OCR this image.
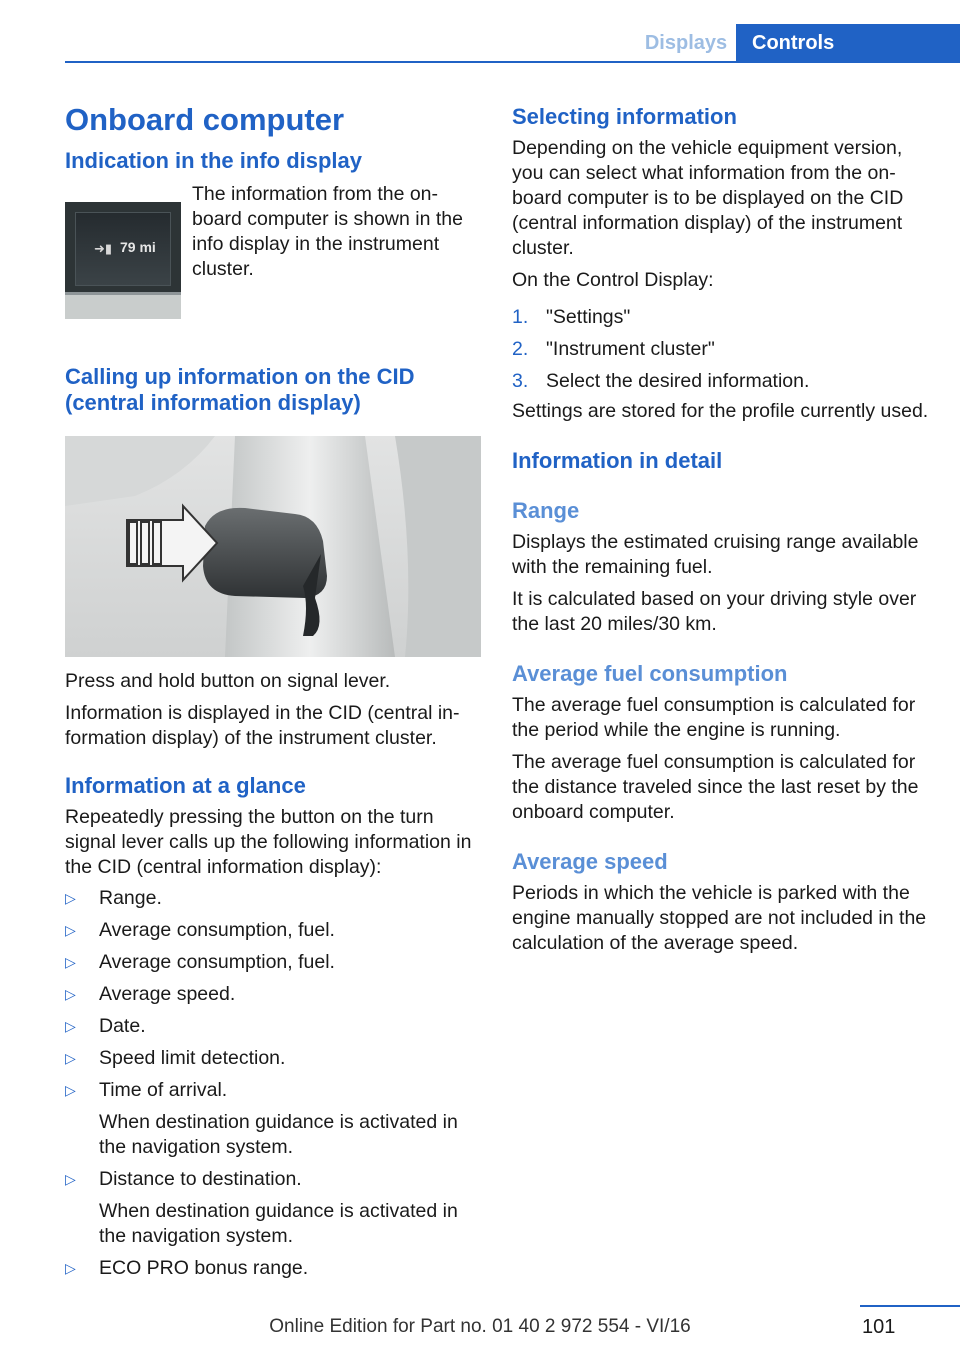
Displays	Controls
Onboard computer
Indication in the info display
➜▮ 79 mi

The information from the on-board computer is shown in the info display in the instrument cluster.

Calling up information on the CID (central information display)

Press and hold button on signal lever.

Information is displayed in the CID (central in-formation display) of the instrument cluster.

Information at a glance

Repeatedly pressing the button on the turn signal lever calls up the following information in the CID (central information display):

▷ Range.
▷ Average consumption, fuel.
▷ Average consumption, fuel.
▷ Average speed.
▷ Date.
▷ Speed limit detection.
▷ Time of arrival.
When destination guidance is activated in the navigation system.
▷ Distance to destination.
When destination guidance is activated in the navigation system.
▷ ECO PRO bonus range.
Selecting information

Depending on the vehicle equipment version, you can select what information from the on-board computer is to be displayed on the CID (central information display) of the instrument cluster.

On the Control Display:

1. "Settings"
2. "Instrument cluster"
3. Select the desired information.

Settings are stored for the profile currently used.

Information in detail
Range

Displays the estimated cruising range available with the remaining fuel.

It is calculated based on your driving style over the last 20 miles/30 km.

Average fuel consumption

The average fuel consumption is calculated for the period while the engine is running.

The average fuel consumption is calculated for the distance traveled since the last reset by the onboard computer.

Average speed

Periods in which the vehicle is parked with the engine manually stopped are not included in the calculation of the average speed.

101
Online Edition for Part no. 01 40 2 972 554 - VI/16
